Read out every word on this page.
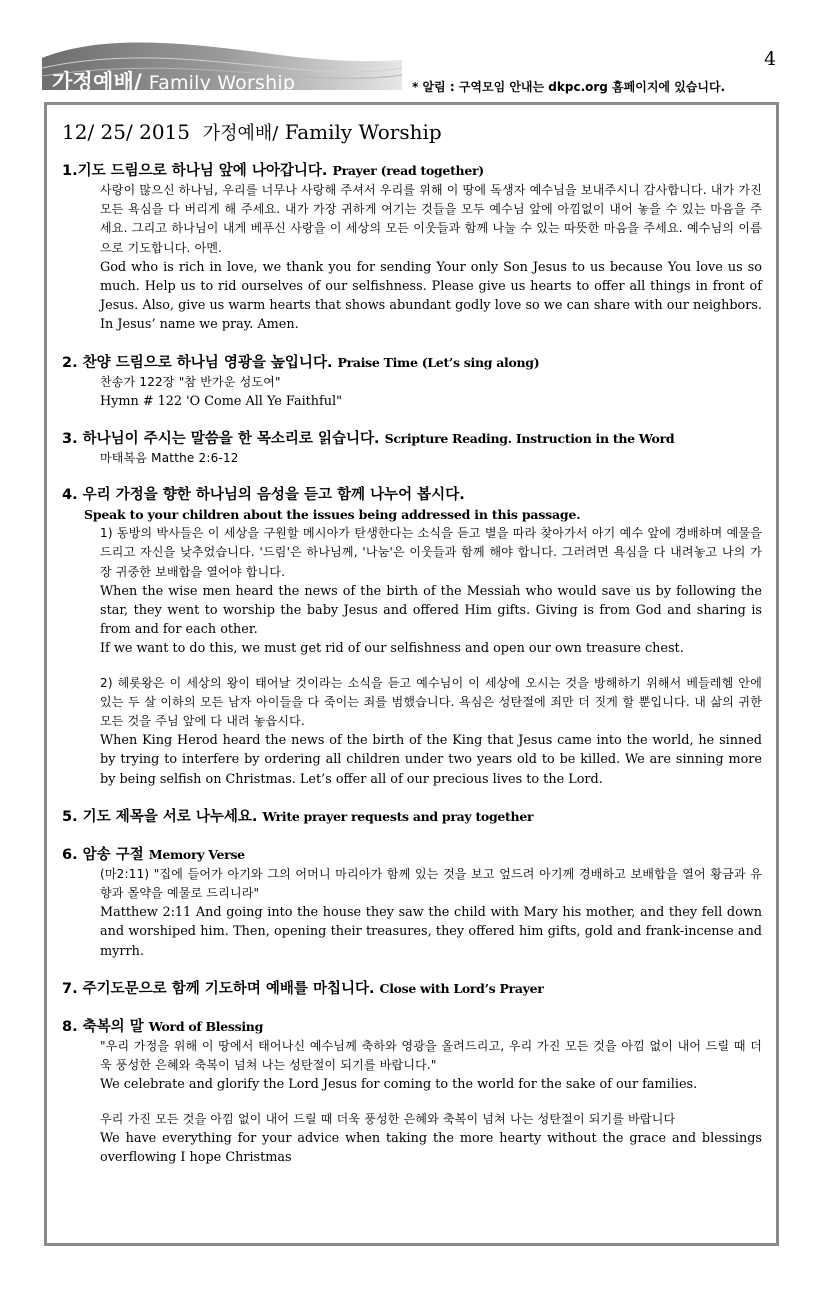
가정예배/ Family Worship
4
* 알림 : 구역모임 안내는 dkpc.org 홈페이지에 있습니다.
12/ 25/ 2015 가정예배/ Family Worship
1.기도 드림으로 하나님 앞에 나아갑니다. Prayer (read together)

사랑이 많으신 하나님, 우리를 너무나 사랑해 주셔서 우리를 위해 이 땅에 독생자 예수님을 보내주시니 감사합니다. 내가 가진 모든 욕심을 다 버리게 해 주세요. 내가 가장 귀하게 여기는 것들을 모두 예수님 앞에 아낌없이 내어 놓을 수 있는 마음을 주세요. 그리고 하나님이 내게 베푸신 사랑을 이 세상의 모든 이웃들과 함께 나눌 수 있는 따뜻한 마음을 주세요. 예수님의 이름으로 기도합니다. 아멘.

God who is rich in love, we thank you for sending Your only Son Jesus to us because You love us so much. Help us to rid ourselves of our selfishness. Please give us hearts to offer all things in front of Jesus. Also, give us warm hearts that shows abundant godly love so we can share with our neighbors. In Jesus’ name we pray. Amen.

2. 찬양 드림으로 하나님 영광을 높입니다. Praise Time (Let’s sing along)

찬송가 122장 "참 반가운 성도여"

Hymn # 122 'O Come All Ye Faithful"

3. 하나님이 주시는 말씀을 한 목소리로 읽습니다. Scripture Reading. Instruction in the Word

마태복음 Matthe 2:6-12

4. 우리 가정을 향한 하나님의 음성을 듣고 함께 나누어 봅시다.
Speak to your children about the issues being addressed in this passage.

1) 동방의 박사들은 이 세상을 구원할 메시아가 탄생한다는 소식을 듣고 별을 따라 찾아가서 아기 예수 앞에 경배하며 예물을 드리고 자신을 낮추었습니다. '드림'은 하나님께, '나눔'은 이웃들과 함께 해야 합니다. 그러려면 욕심을 다 내려놓고 나의 가장 귀중한 보배합을 열어야 합니다.

When the wise men heard the news of the birth of the Messiah who would save us by following the star, they went to worship the baby Jesus and offered Him gifts. Giving is from God and sharing is from and for each other.

If we want to do this, we must get rid of our selfishness and open our own treasure chest.

2) 헤롯왕은 이 세상의 왕이 태어날 것이라는 소식을 듣고 예수님이 이 세상에 오시는 것을 방해하기 위해서 베들레헴 안에 있는 두 살 이하의 모든 남자 아이들을 다 죽이는 죄를 범했습니다. 욕심은 성탄절에 죄만 더 짓게 할 뿐입니다. 내 삶의 귀한 모든 것을 주님 앞에 다 내려 놓읍시다.

When King Herod heard the news of the birth of the King that Jesus came into the world, he sinned by trying to interfere by ordering all children under two years old to be killed. We are sinning more by being selfish on Christmas. Let’s offer all of our precious lives to the Lord.

5. 기도 제목을 서로 나누세요. Write prayer requests and pray together
6. 암송 구절 Memory Verse

(마2:11) "집에 들어가 아기와 그의 어머니 마리아가 함께 있는 것을 보고 엎드려 아기께 경배하고 보배합을 열어 황금과 유향과 몰약을 예물로 드리니라"

Matthew 2:11 And going into the house they saw the child with Mary his mother, and they fell down and worshiped him. Then, opening their treasures, they offered him gifts, gold and frank-incense and myrrh.

7. 주기도문으로 함께 기도하며 예배를 마칩니다. Close with Lord’s Prayer
8. 축복의 말 Word of Blessing

"우리 가정을 위해 이 땅에서 태어나신 예수님께 축하와 영광을 올려드리고, 우리 가진 모든 것을 아낌 없이 내어 드릴 때 더욱 풍성한 은혜와 축복이 넘쳐 나는 성탄절이 되기를 바랍니다."

We celebrate and glorify the Lord Jesus for coming to the world for the sake of our families.

우리 가진 모든 것을 아낌 없이 내어 드릴 때 더욱 풍성한 은혜와 축복이 넘쳐 나는 성탄절이 되기를 바랍니다

We have everything for your advice when taking the more hearty without the grace and blessings overflowing I hope Christmas
